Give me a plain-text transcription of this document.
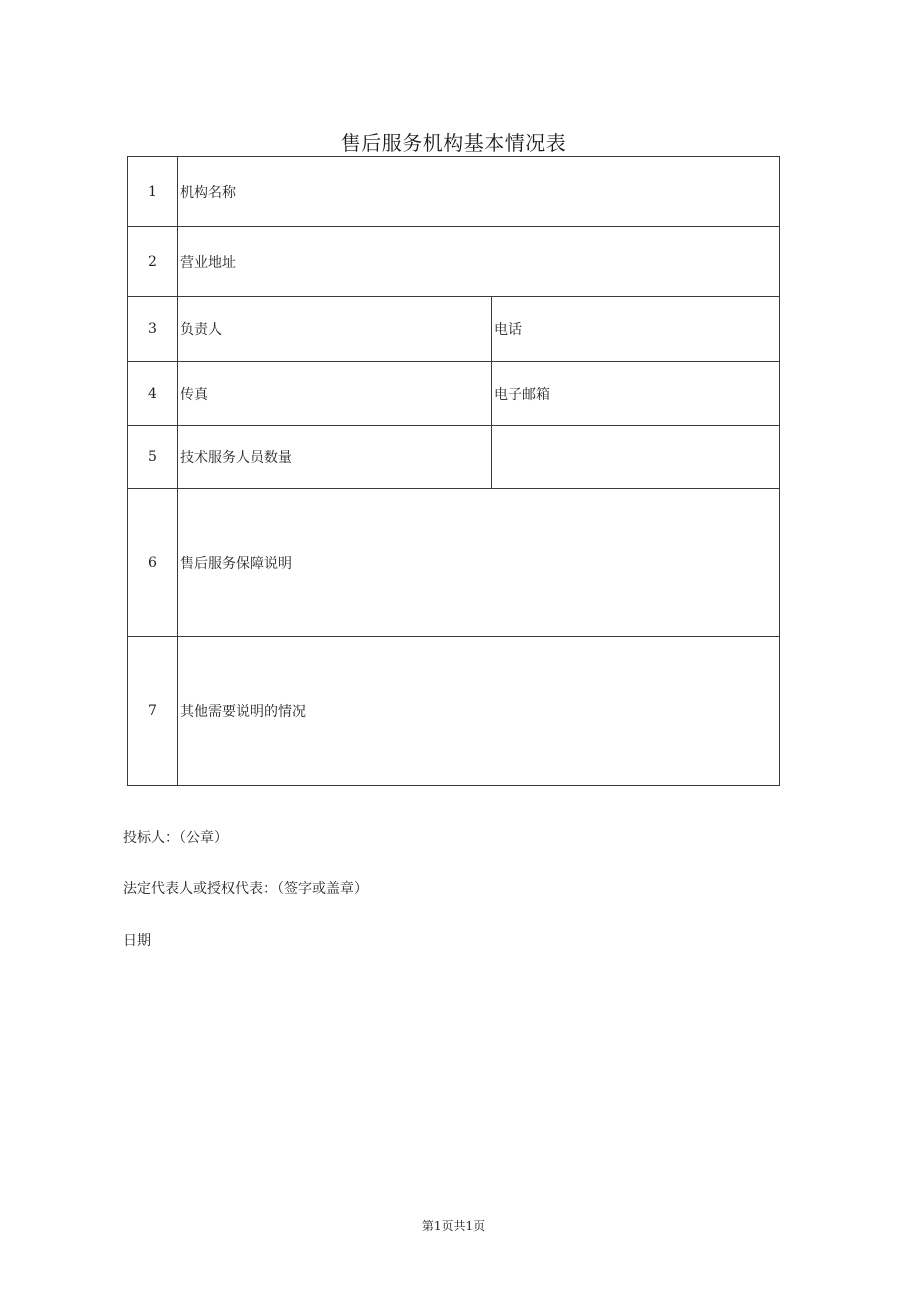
售后服务机构基本情况表
1	机构名称	
2	营业地址	
3	负责人	电话
4	传真	电子邮箱
5	技术服务人员数量	
6	售后服务保障说明	
7	其他需要说明的情况	
投标人：（公章）
法定代表人或授权代表：（签字或盖章）
日期
第1页共1页
